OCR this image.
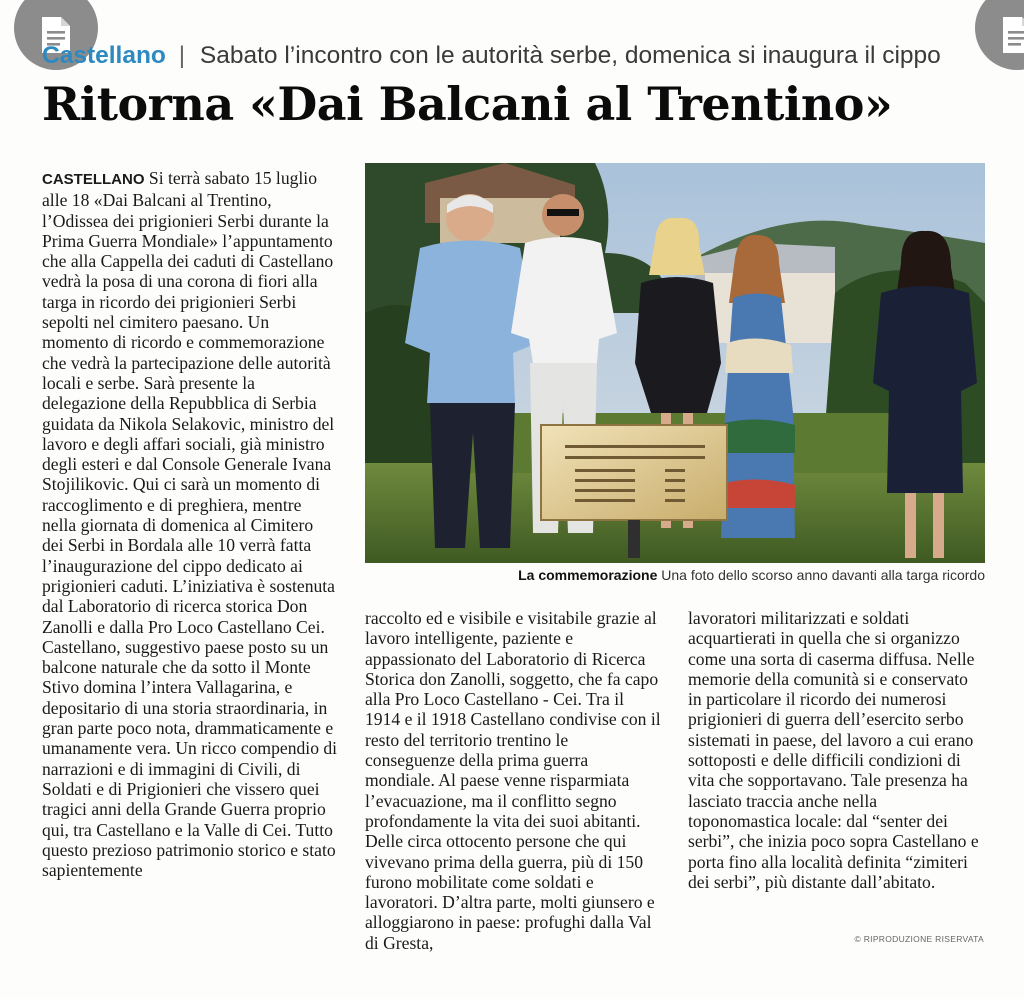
Castellano | Sabato l’incontro con le autorità serbe, domenica si inaugura il cippo
Ritorna «Dai Balcani al Trentino»

CASTELLANO Si terrà sabato 15 luglio alle 18 «Dai Balcani al Trentino, l’Odissea dei prigionieri Serbi durante la Prima Guerra Mondiale» l’appuntamento che alla Cappella dei caduti di Castellano vedrà la posa di una corona di fiori alla targa in ricordo dei prigionieri Serbi sepolti nel cimitero paesano. Un momento di ricordo e commemorazione che vedrà la partecipazione delle autorità locali e serbe. Sarà presente la delegazione della Repubblica di Serbia guidata da Nikola Selakovic, ministro del lavoro e degli affari sociali, già ministro degli esteri e dal Console Generale Ivana Stojilikovic. Qui ci sarà un momento di raccoglimento e di preghiera, mentre nella giornata di domenica al Cimitero dei Serbi in Bordala alle 10 verrà fatta l’inaugurazione del cippo dedicato ai prigionieri caduti. L’iniziativa è sostenuta dal Laboratorio di ricerca storica Don Zanolli e dalla Pro Loco Castellano Cei. Castellano, suggestivo paese posto su un balcone naturale che da sotto il Monte Stivo domina l’intera Vallagarina, e depositario di una storia straordinaria, in gran parte poco nota, drammaticamente e umanamente vera. Un ricco compendio di narrazioni e di immagini di Civili, di Soldati e di Prigionieri che vissero quei tragici anni della Grande Guerra proprio qui, tra Castellano e la Valle di Cei. Tutto questo prezioso patrimonio storico e stato sapientemente

La commemorazione Una foto dello scorso anno davanti alla targa ricordo

raccolto ed e visibile e visitabile grazie al lavoro intelligente, paziente e appassionato del Laboratorio di Ricerca Storica don Zanolli, soggetto, che fa capo alla Pro Loco Castellano - Cei. Tra il 1914 e il 1918 Castellano condivise con il resto del territorio trentino le conseguenze della prima guerra mondiale. Al paese venne risparmiata l’evacuazione, ma il conflitto segno profondamente la vita dei suoi abitanti. Delle circa ottocento persone che qui vivevano prima della guerra, più di 150 furono mobilitate come soldati e lavoratori. D’altra parte, molti giunsero e alloggiarono in paese: profughi dalla Val di Gresta,

lavoratori militarizzati e soldati acquartierati in quella che si organizzo come una sorta di caserma diffusa. Nelle memorie della comunità si e conservato in particolare il ricordo dei numerosi prigionieri di guerra dell’esercito serbo sistemati in paese, del lavoro a cui erano sottoposti e delle difficili condizioni di vita che sopportavano. Tale presenza ha lasciato traccia anche nella toponomastica locale: dal “senter dei serbi”, che inizia poco sopra Castellano e porta fino alla località definita “zimiteri dei serbi”, più distante dall’abitato.

© RIPRODUZIONE RISERVATA
